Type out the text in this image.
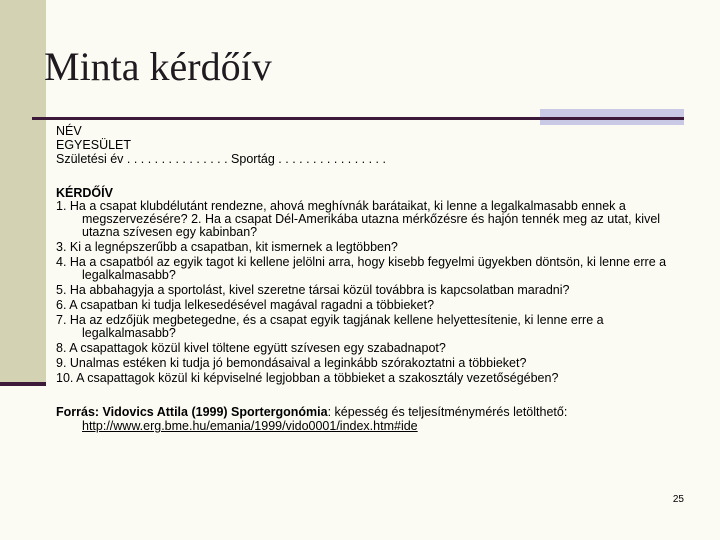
Minta kérdőív

NÉV

EGYESÜLET

Születési év . . . . . . . . . . . . . . . Sportág . . . . . . . . . . . . . . . .

KÉRDŐÍV

1. Ha a csapat klubdélutánt rendezne, ahová meghívnák barátaikat, ki lenne a legalkalmasabb ennek a megszervezésére? 2. Ha a csapat Dél-Amerikába utazna mérkőzésre és hajón tennék meg az utat, kivel utazna szívesen egy kabinban?

3. Ki a legnépszerűbb a csapatban, kit ismernek a legtöbben?

4. Ha a csapatból az egyik tagot ki kellene jelölni arra, hogy kisebb fegyelmi ügyekben döntsön, ki lenne erre a legalkalmasabb?

5. Ha abbahagyja a sportolást, kivel szeretne társai közül továbbra is kapcsolatban maradni?

6. A csapatban ki tudja lelkesedésével magával ragadni a többieket?

7. Ha az edzőjük megbetegedne, és a csapat egyik tagjának kellene helyettesítenie, ki lenne erre a legalkalmasabb?

8. A csapattagok közül kivel töltene együtt szívesen egy szabadnapot?

9. Unalmas estéken ki tudja jó bemondásaival a leginkább szórakoztatni a többieket?

10. A csapattagok közül ki képviselné legjobban a többieket a szakosztály vezetőségében?

Forrás: Vidovics Attila (1999) Sportergonómia: képesség és teljesítménymérés letölthető:
http://www.erg.bme.hu/emania/1999/vido0001/index.htm#ide

25
